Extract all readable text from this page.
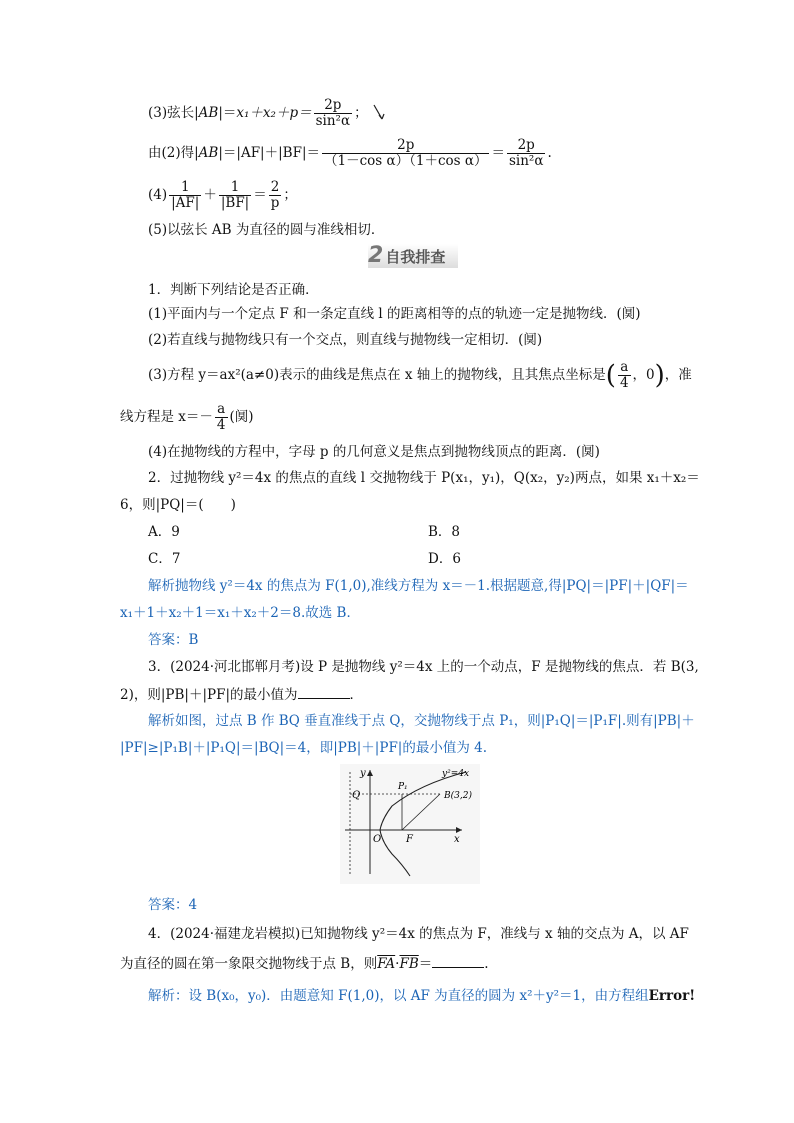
(3)弦长$|AB|=x_1+x_2+p= \frac{2p}{\text{sin²α}}$ ；
由(2)得$|AB|=|AF|+|BF|= \frac{2p}{\text{（1－cos α）（1＋cos α）}} = \frac{2p}{\text{sin²α}}$ .
$(4) \frac{1}{|AF|} + \frac{1}{|BF|} = \frac{2}{p}$ ；
(5)以弦长 AB 为直径的圆与准线相切．
2 自我排查
1．判断下列结论是否正确．
(1)平面内与一个定点 F 和一条定直线 l 的距离相等的点的轨迹一定是抛物线．(阒)
(2)若直线与抛物线只有一个交点，则直线与抛物线一定相切．(阒)
(3)方程 y＝ax²(a≠0)表示的曲线是焦点在 x 轴上的抛物线，且其焦点坐标是( $\frac{a}{4}$ ，0)，准
线方程是 $x=- \frac{a}{4}$ (阒)
(4)在抛物线的方程中，字母 p 的几何意义是焦点到抛物线顶点的距离．(阒)
2．过抛物线 y²＝4x 的焦点的直线 l 交抛物线于 P(x₁，y₁)，Q(x₂，y₂)两点，如果 x₁＋x₂＝
6，则|PQ|＝(　　)
A．9	B．8
C．7	D．6
解析抛物线 y²＝4x 的焦点为 F(1,0),准线方程为 x＝－1.根据题意,得|PQ|＝|PF|＋|QF|＝
x₁＋1＋x₂＋1＝x₁＋x₂＋2＝8.故选 B．
答案：B
3．(2024·河北邯郸月考)设 P 是抛物线 y²＝4x 上的一个动点，F 是抛物线的焦点．若 B(3,
2)，则|PB|＋|PF|的最小值为	．
解析如图，过点 B 作 BQ 垂直准线于点 Q，交抛物线于点 P₁，则|P₁Q|＝|P₁F|.则有|PB|＋
|PF|≥|P₁B|＋|P₁Q|＝|BQ|＝4，即|PB|＋|PF|的最小值为 4.
y
x
y²=4x
Q
P₁
B(3,2)
O F
答案：4
4．(2024·福建龙岩模拟)已知抛物线 y²＝4x 的焦点为 F，准线与 x 轴的交点为 A，以 AF
为直径的圆在第一象限交抛物线于点 B，则$\overline{FA}\cdot\overline{FB}=$	.
解析：设 B(x₀，y₀)．由题意知 F(1,0)，以 AF 为直径的圆为 x²＋y²＝1，由方程组Error!
